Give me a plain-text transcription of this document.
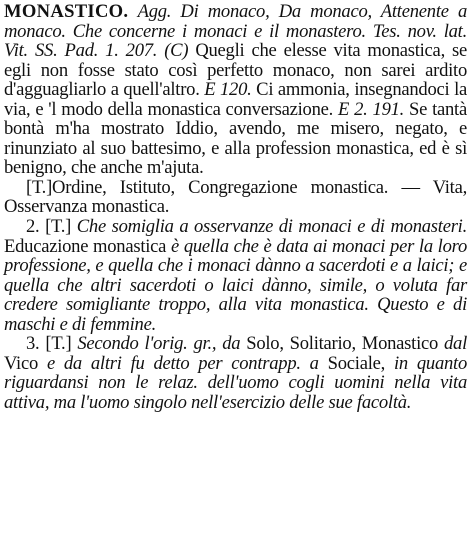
MONASTICO. Agg. Di monaco, Da monaco, Attenente a monaco. Che concerne i monaci e il monastero. Tes. nov. lat. Vit. SS. Pad. 1. 207. (C) Quegli che elesse vita monastica, se egli non fosse stato così perfetto monaco, non sarei ardito d'agguagliarlo a quell'altro. E 120. Ci ammonia, insegnandoci la via, e 'l modo della monastica conversazione. E 2. 191. Se tantà bontà m'ha mostrato Iddio, avendo, me misero, negato, e rinunziato al suo battesimo, e alla profession monastica, ed è sì benigno, che anche m'ajuta.

[T.]Ordine, Istituto, Congregazione monastica. — Vita, Osservanza monastica.

2. [T.] Che somiglia a osservanze di monaci e di monasteri. Educazione monastica è quella che è data ai monaci per la loro professione, e quella che i monaci dànno a sacerdoti e a laici; e quella che altri sacerdoti o laici dànno, simile, o voluta far credere somigliante troppo, alla vita monastica. Questo e di maschi e di femmine.

3. [T.] Secondo l'orig. gr., da Solo, Solitario, Monastico dal Vico e da altri fu detto per contrapp. a Sociale, in quanto riguardansi non le relaz. dell'uomo cogli uomini nella vita attiva, ma l'uomo singolo nell'esercizio delle sue facoltà.
